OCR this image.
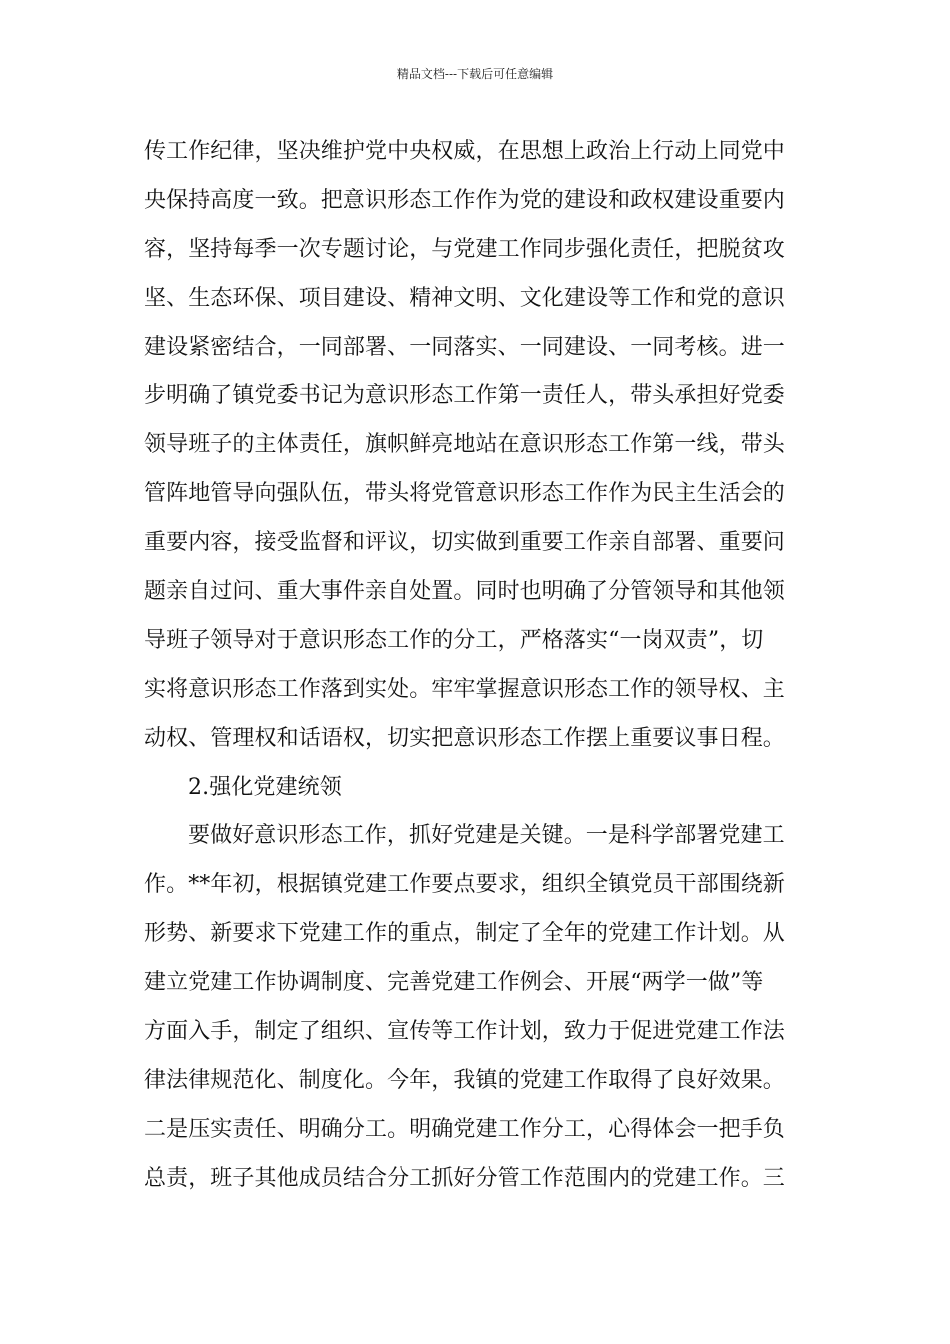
精品文档---下载后可任意编辑
传工作纪律，坚决维护党中央权威，在思想上政治上行动上同党中
央保持高度一致。把意识形态工作作为党的建设和政权建设重要内
容，坚持每季一次专题讨论，与党建工作同步强化责任，把脱贫攻
坚、生态环保、项目建设、精神文明、文化建设等工作和党的意识
建设紧密结合，一同部署、一同落实、一同建设、一同考核。进一
步明确了镇党委书记为意识形态工作第一责任人，带头承担好党委
领导班子的主体责任，旗帜鲜亮地站在意识形态工作第一线，带头
管阵地管导向强队伍，带头将党管意识形态工作作为民主生活会的
重要内容，接受监督和评议，切实做到重要工作亲自部署、重要问
题亲自过问、重大事件亲自处置。同时也明确了分管领导和其他领
导班子领导对于意识形态工作的分工，严格落实“一岗双责”，切
实将意识形态工作落到实处。牢牢掌握意识形态工作的领导权、主
动权、管理权和话语权，切实把意识形态工作摆上重要议事日程。
2.强化党建统领
要做好意识形态工作，抓好党建是关键。一是科学部署党建工
作。**年初，根据镇党建工作要点要求，组织全镇党员干部围绕新
形势、新要求下党建工作的重点，制定了全年的党建工作计划。从
建立党建工作协调制度、完善党建工作例会、开展“两学一做”等
方面入手，制定了组织、宣传等工作计划，致力于促进党建工作法
律法律规范化、制度化。今年，我镇的党建工作取得了良好效果。
二是压实责任、明确分工。明确党建工作分工，心得体会一把手负
总责，班子其他成员结合分工抓好分管工作范围内的党建工作。三
